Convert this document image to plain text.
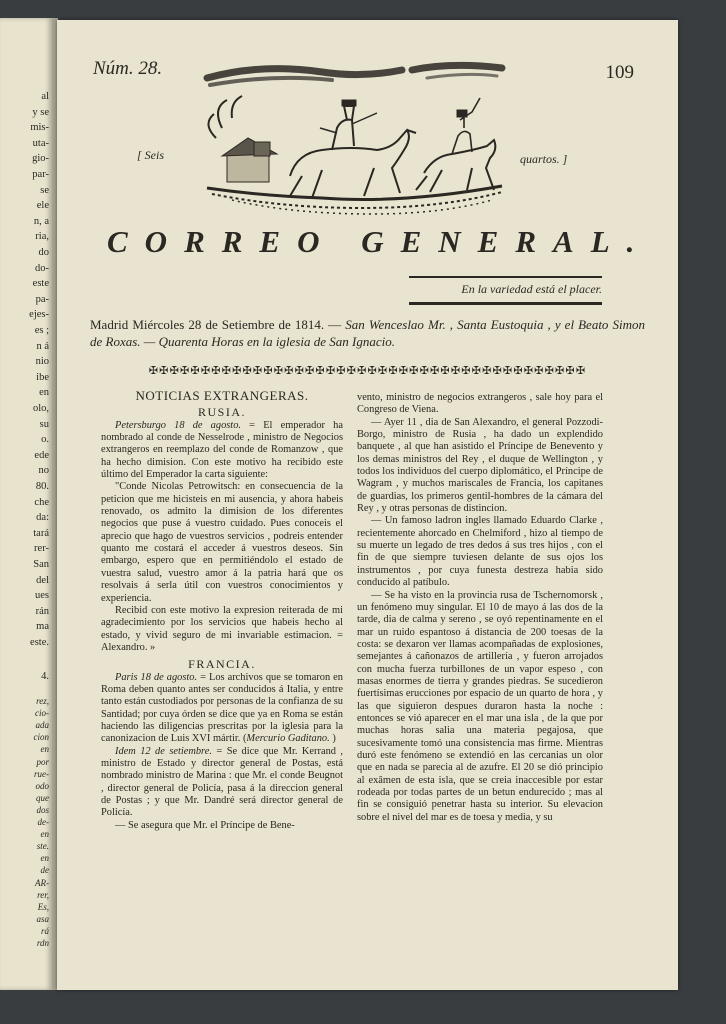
al
y se
mis-
uta-
gio-
par-
se
ele
n, a
ria,
do
do-
este
pa-
ejes-
es ;
n á
nio
ibe
en
olo,
su
o.
ede
no
80.
che
da:
tará
rer-
San
del
ues
rán
ma
este.
4.
rez,
cio-
ada
cion
en
por
rue-
odo
que
dos
de-
en
ste.
en
de
AR-
rer,
Es,
asa
rá
rdn
Núm. 28.	109
[ Seis	quartos. ]
CORREO GENERAL.
En la variedad está el placer.
Madrid Miércoles 28 de Setiembre de 1814. — San Wenceslao Mr. , Santa Eustoquia , y el Beato Simon de Roxas. — Quarenta Horas en la iglesia de San Ignacio.
✠✠✠✠✠✠✠✠✠✠✠✠✠✠✠✠✠✠✠✠✠✠✠✠✠✠✠✠✠✠✠✠✠✠✠✠✠✠✠✠✠✠
NOTICIAS EXTRANGERAS.
RUSIA.

Petersburgo 18 de agosto. = El emperador ha nombrado al conde de Nesselrode , ministro de Negocios extrangeros en reemplazo del conde de Romanzow , que ha hecho dimision. Con este motivo ha recibido este último del Emperador la carta siguiente:

"Conde Nicolas Petrowitsch: en consecuencia de la peticion que me hicisteis en mi ausencia, y ahora habeis renovado, os admito la dimision de los diferentes negocios que puse á vuestro cuidado. Pues conoceis el aprecio que hago de vuestros servicios , podreis entender quanto me costará el acceder á vuestros deseos. Sin embargo, espero que en permitiéndolo el estado de vuestra salud, vuestro amor á la patria hará que os resolvais á serla útil con vuestros conocimientos y experiencia.

Recibid con este motivo la expresion reiterada de mi agradecimiento por los servicios que habeis hecho al estado, y vivid seguro de mi invariable estimacion. = Alexandro. »

FRANCIA.

Paris 18 de agosto. = Los archivos que se tomaron en Roma deben quanto antes ser conducidos á Italia, y entre tanto están custodiados por personas de la confianza de su Santidad; por cuya órden se dice que ya en Roma se están haciendo las diligencias prescritas por la iglesia para la canonizacion de Luis XVI mártir. (Mercurio Gaditano. )

Idem 12 de setiembre. = Se dice que Mr. Kerrand , ministro de Estado y director general de Postas, está nombrado ministro de Marina : que Mr. el conde Beugnot , director general de Policía, pasa á la direccion general de Postas ; y que Mr. Dandré será director general de Policía.

— Se asegura que Mr. el Príncipe de Bene-

vento, ministro de negocios extrangeros , sale hoy para el Congreso de Viena.

— Ayer 11 , dia de San Alexandro, el general Pozzodi-Borgo, ministro de Rusia , ha dado un explendido banquete , al que han asistido el Príncipe de Benevento y los demas ministros del Rey , el duque de Wellington , y todos los individuos del cuerpo diplomático, el Príncipe de Wagram , y muchos mariscales de Francia, los capitanes de guardias, los primeros gentil-hombres de la cámara del Rey , y otras personas de distincion.

— Un famoso ladron ingles llamado Eduardo Clarke , recientemente ahorcado en Chelmiford , hizo al tiempo de su muerte un legado de tres dedos á sus tres hijos , con el fin de que siempre tuviesen delante de sus ojos los instrumentos , por cuya funesta destreza habia sido conducido al patíbulo.

— Se ha visto en la provincia rusa de Tschernomorsk , un fenómeno muy singular. El 10 de mayo á las dos de la tarde, dia de calma y sereno , se oyó repentinamente en el mar un ruido espantoso á distancia de 200 toesas de la costa: se dexaron ver llamas acompañadas de explosiones, semejantes á cañonazos de artillería , y fueron arrojados con mucha fuerza turbillones de un vapor espeso , con masas enormes de tierra y grandes piedras. Se sucedieron fuertísimas erucciones por espacio de un quarto de hora , y las que siguieron despues duraron hasta la noche : entonces se vió aparecer en el mar una isla , de la que por muchas horas salia una materia pegajosa, que sucesivamente tomó una consistencia mas firme. Mientras duró este fenómeno se extendió en las cercanias un olor que en nada se parecia al de azufre. El 20 se dió principio al exâmen de esta isla, que se creia inaccesible por estar rodeada por todas partes de un betun endurecido ; mas al fin se consiguió penetrar hasta su interior. Su elevacion sobre el nivel del mar es de toesa y media, y su
